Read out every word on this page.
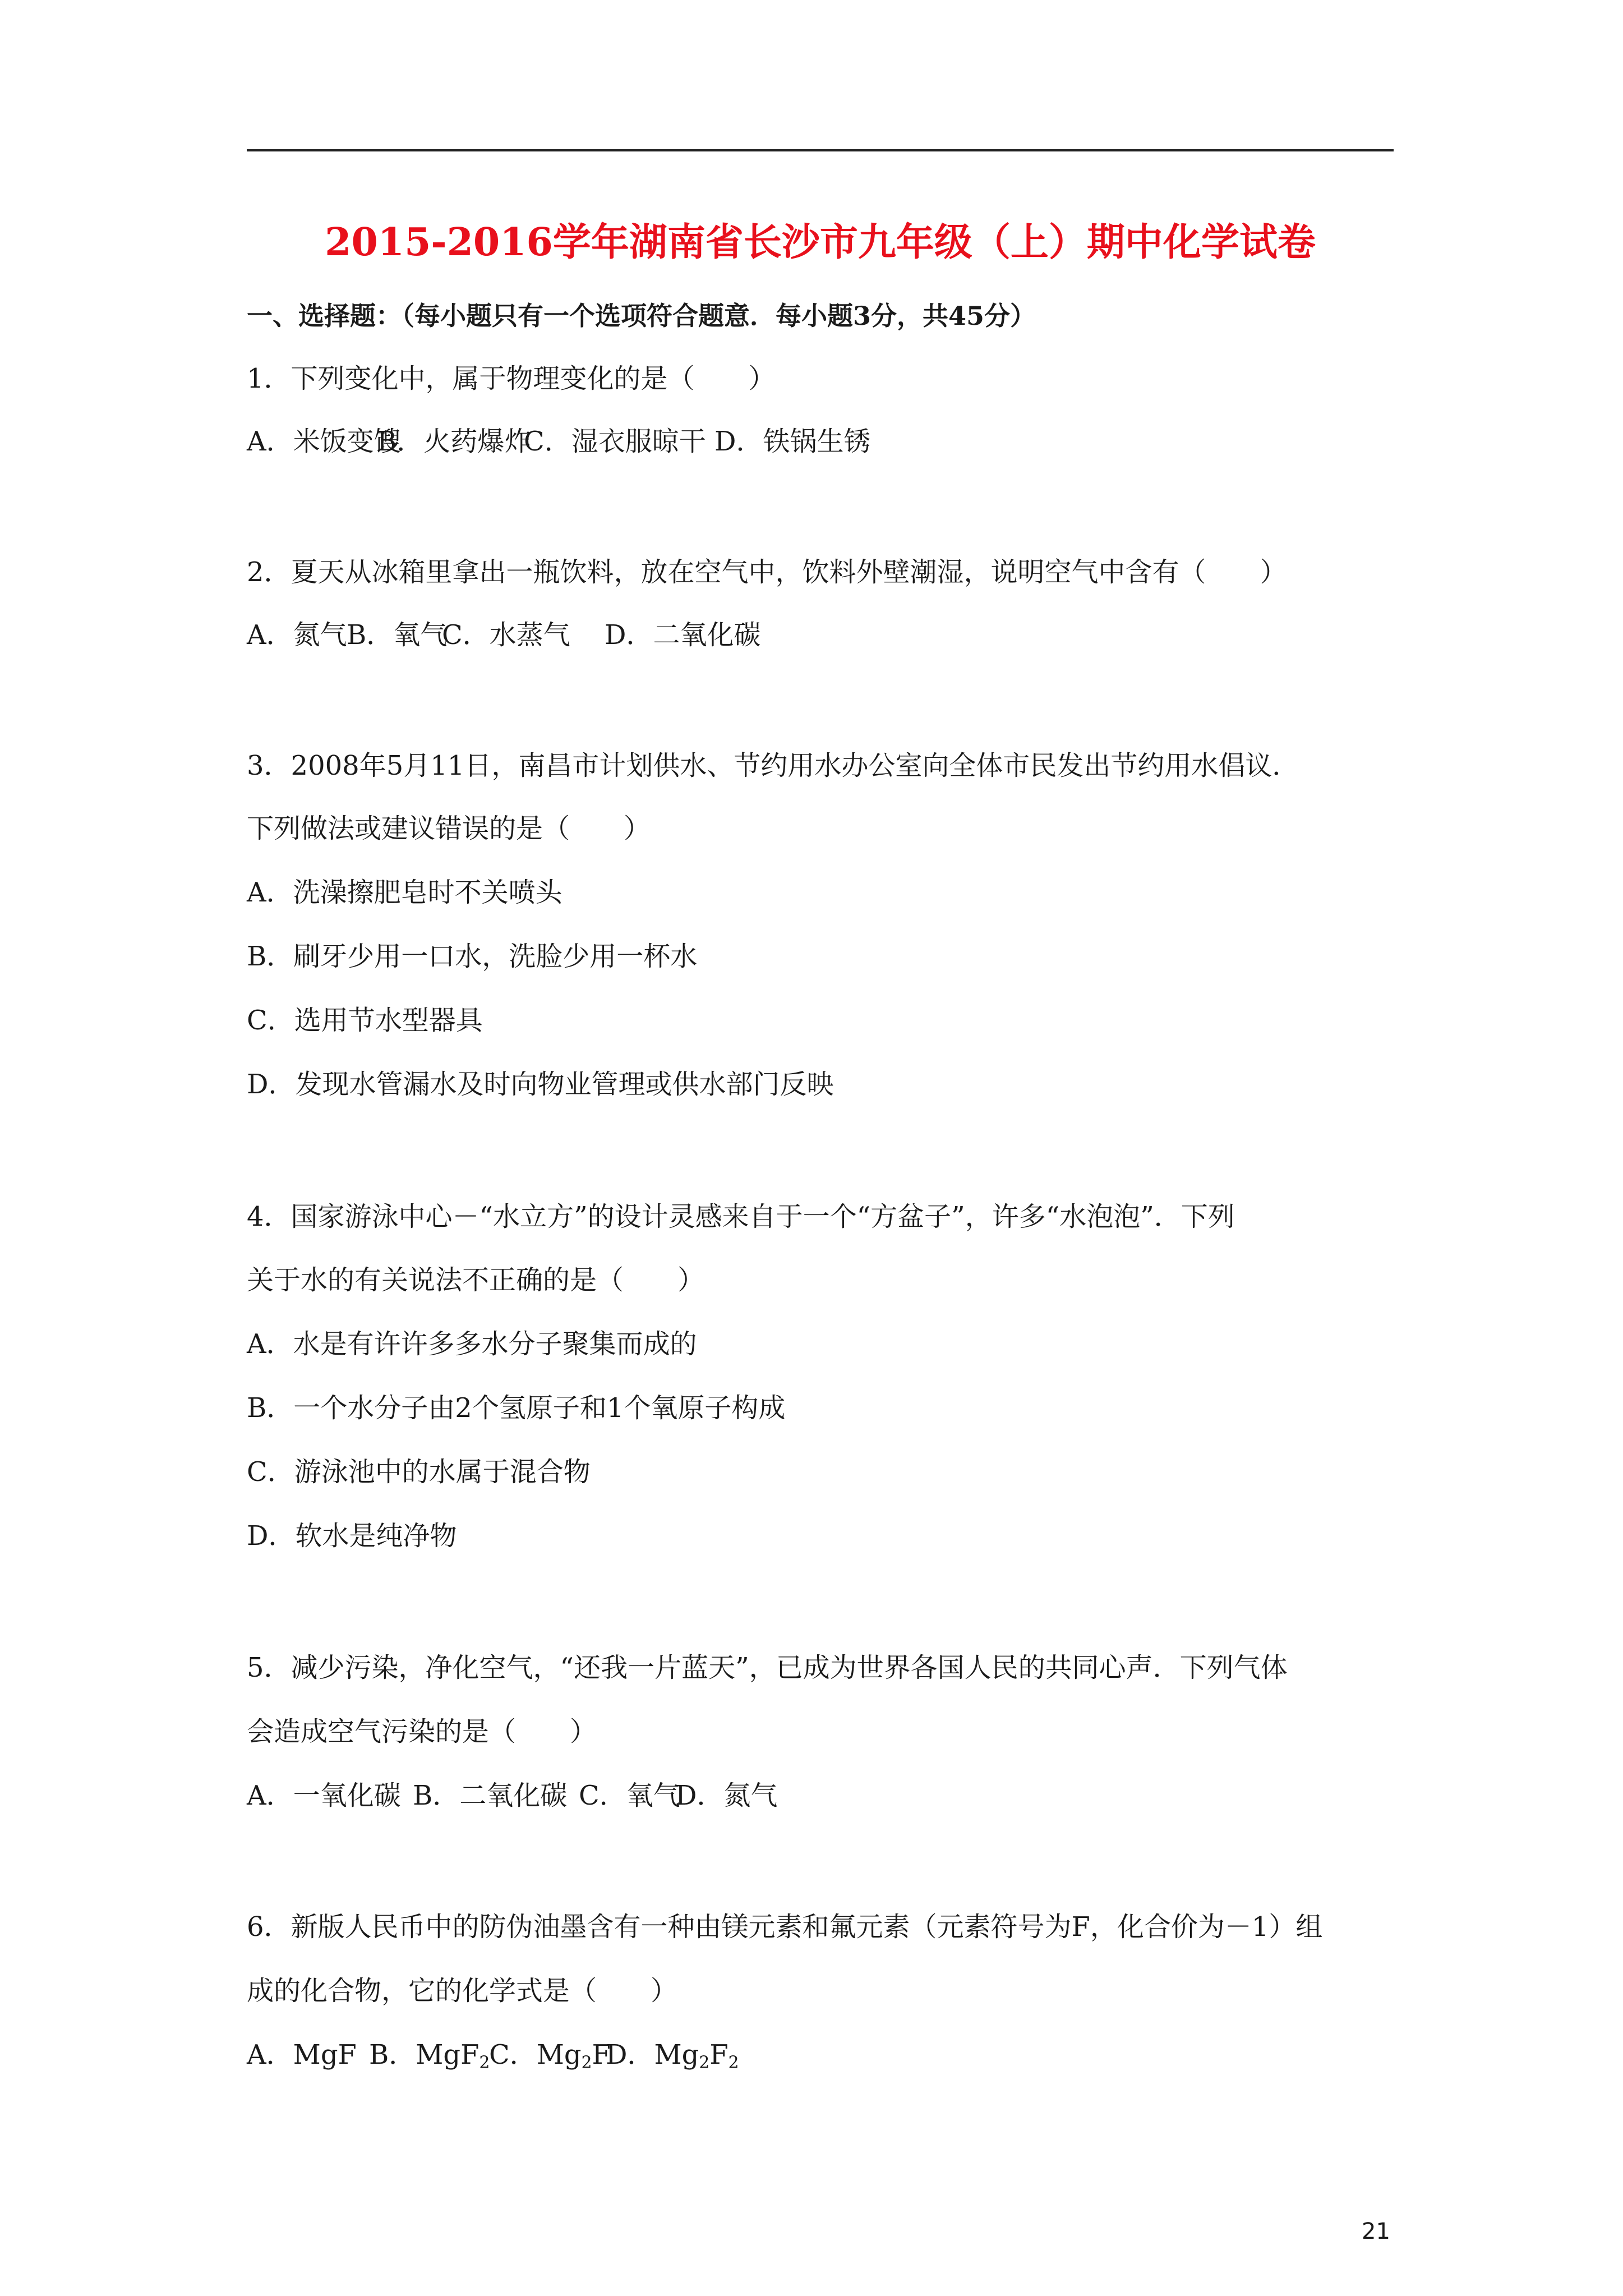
2015-2016学年湖南省长沙市九年级（上）期中化学试卷
一、选择题：（每小题只有一个选项符合题意．每小题3分，共45分）
1．下列变化中，属于物理变化的是（　　）
A．米饭变馊B．火药爆炸C．湿衣服晾干 D．铁锅生锈
2．夏天从冰箱里拿出一瓶饮料，放在空气中，饮料外壁潮湿，说明空气中含有（　　）
A．氮气B．氧气C．水蒸气 D．二氧化碳
3．2008年5月11日，南昌市计划供水、节约用水办公室向全体市民发出节约用水倡议．
下列做法或建议错误的是（　　）
A．洗澡擦肥皂时不关喷头
B．刷牙少用一口水，洗脸少用一杯水
C．选用节水型器具
D．发现水管漏水及时向物业管理或供水部门反映
4．国家游泳中心－“水立方”的设计灵感来自于一个“方盆子”，许多“水泡泡”．下列
关于水的有关说法不正确的是（　　）
A．水是有许许多多水分子聚集而成的
B．一个水分子由2个氢原子和1个氧原子构成
C．游泳池中的水属于混合物
D．软水是纯净物
5．减少污染，净化空气，“还我一片蓝天”，已成为世界各国人民的共同心声．下列气体
会造成空气污染的是（　　）
A．一氧化碳 B．二氧化碳 C．氧气D．氮气
6．新版人民币中的防伪油墨含有一种由镁元素和氟元素（元素符号为F，化合价为－1）组
成的化合物，它的化学式是（　　）
A．MgF B．MgF$_2$C．$Mg_2FD$．$Mg_2F_2$
21
